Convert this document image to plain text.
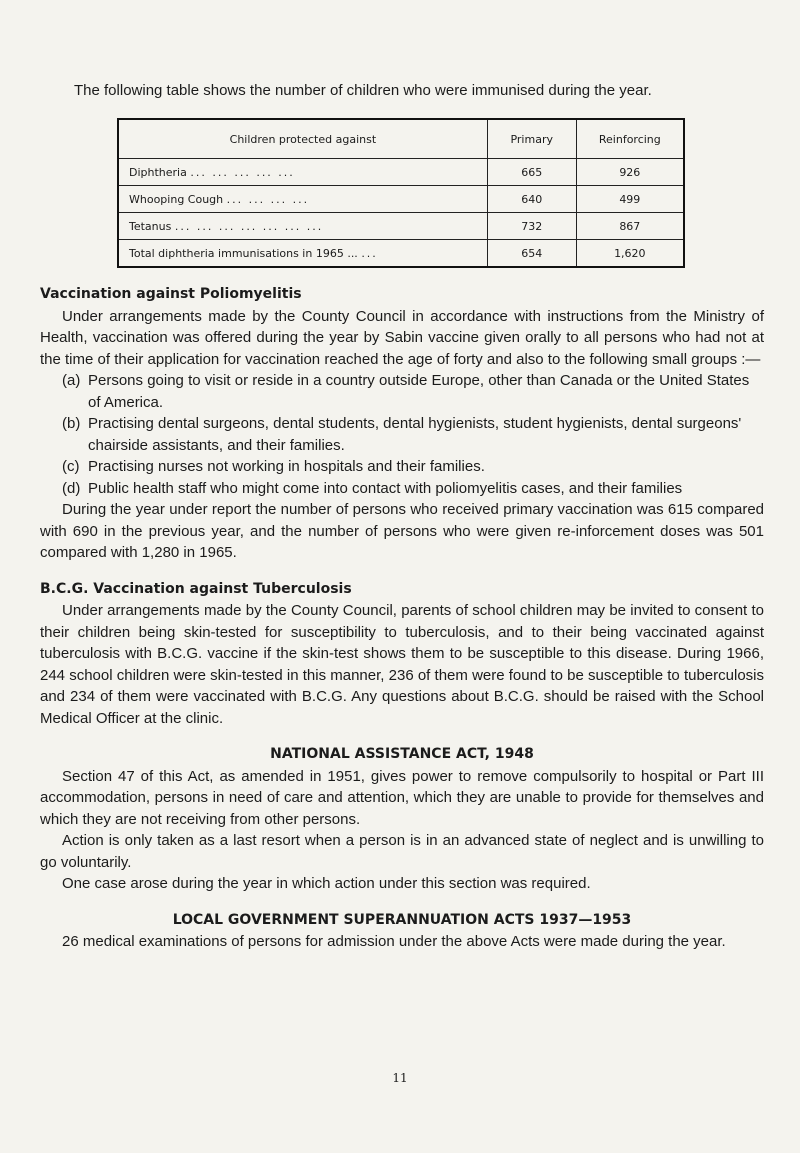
The following table shows the number of children who were immunised during the year.
Children protected against	Primary	Reinforcing
Diphtheria ... ... ... ... ...	665	926
Whooping Cough ... ... ... ...	640	499
Tetanus ... ... ... ... ... ... ...	732	867
Total diphtheria immunisations in 1965 ... ...	654	1,620
Vaccination against Poliomyelitis

Under arrangements made by the County Council in accordance with instructions from the Ministry of Health, vaccination was offered during the year by Sabin vaccine given orally to all persons who had not at the time of their application for vaccination reached the age of forty and also to the following small groups :—

(a) Persons going to visit or reside in a country outside Europe, other than Canada or the United States of America.
(b) Practising dental surgeons, dental students, dental hygienists, student hygienists, dental surgeons' chairside assistants, and their families.
(c) Practising nurses not working in hospitals and their families.
(d) Public health staff who might come into contact with poliomyelitis cases, and their families

During the year under report the number of persons who received primary vaccination was 615 compared with 690 in the previous year, and the number of persons who were given re-inforcement doses was 501 compared with 1,280 in 1965.

B.C.G. Vaccination against Tuberculosis

Under arrangements made by the County Council, parents of school children may be invited to consent to their children being skin-tested for susceptibility to tuberculosis, and to their being vaccinated against tuberculosis with B.C.G. vaccine if the skin-test shows them to be susceptible to this disease. During 1966, 244 school children were skin-tested in this manner, 236 of them were found to be susceptible to tuberculosis and 234 of them were vaccinated with B.C.G. Any questions about B.C.G. should be raised with the School Medical Officer at the clinic.

NATIONAL ASSISTANCE ACT, 1948

Section 47 of this Act, as amended in 1951, gives power to remove compulsorily to hospital or Part III accommodation, persons in need of care and attention, which they are unable to provide for themselves and which they are not receiving from other persons.

Action is only taken as a last resort when a person is in an advanced state of neglect and is unwilling to go voluntarily.

One case arose during the year in which action under this section was required.

LOCAL GOVERNMENT SUPERANNUATION ACTS 1937—1953

26 medical examinations of persons for admission under the above Acts were made during the year.

11
